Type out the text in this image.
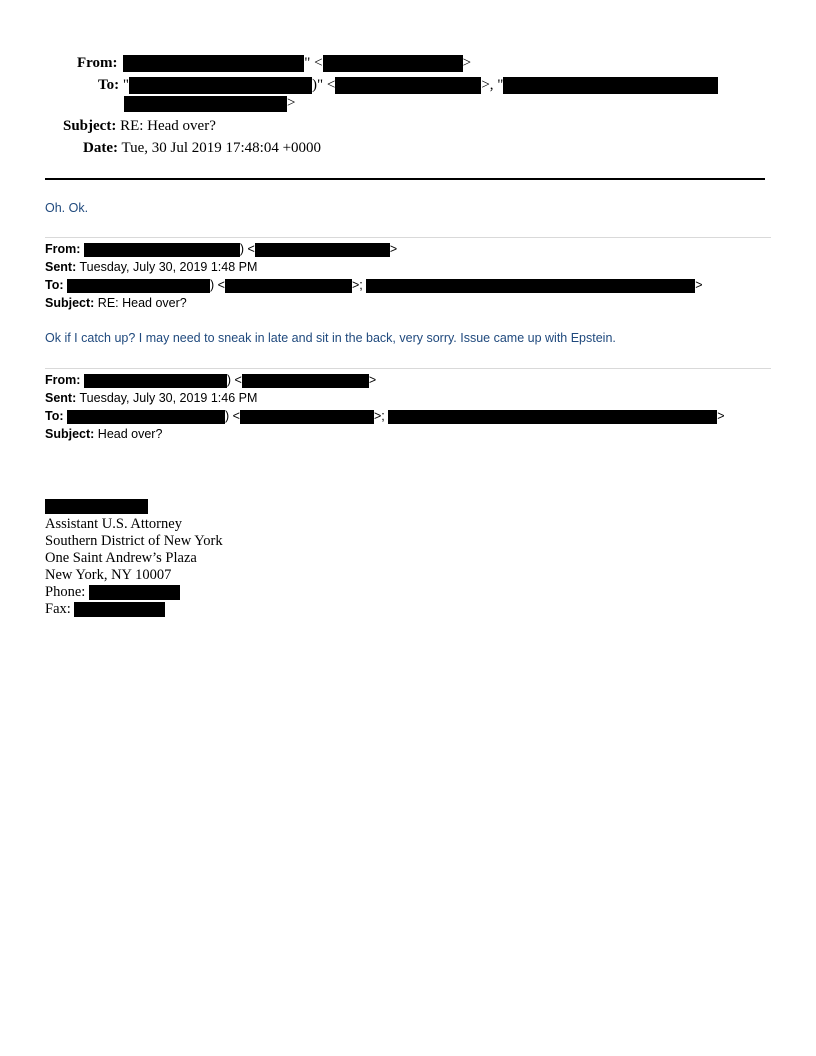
From:	" <	>
To: "	)" <	>, "
>
Subject: RE: Head over?
Date: Tue, 30 Jul 2019 17:48:04 +0000
Oh. Ok.
From:	) <	>
Sent: Tuesday, July 30, 2019 1:48 PM
To:	) <	>;	>
Subject: RE: Head over?
Ok if I catch up? I may need to sneak in late and sit in the back, very sorry. Issue came up with Epstein.
From:	) <	>
Sent: Tuesday, July 30, 2019 1:46 PM
To:	) <	>;	>
Subject: Head over?
Assistant U.S. Attorney
Southern District of New York
One Saint Andrew’s Plaza
New York, NY 10007
Phone:
Fax:
